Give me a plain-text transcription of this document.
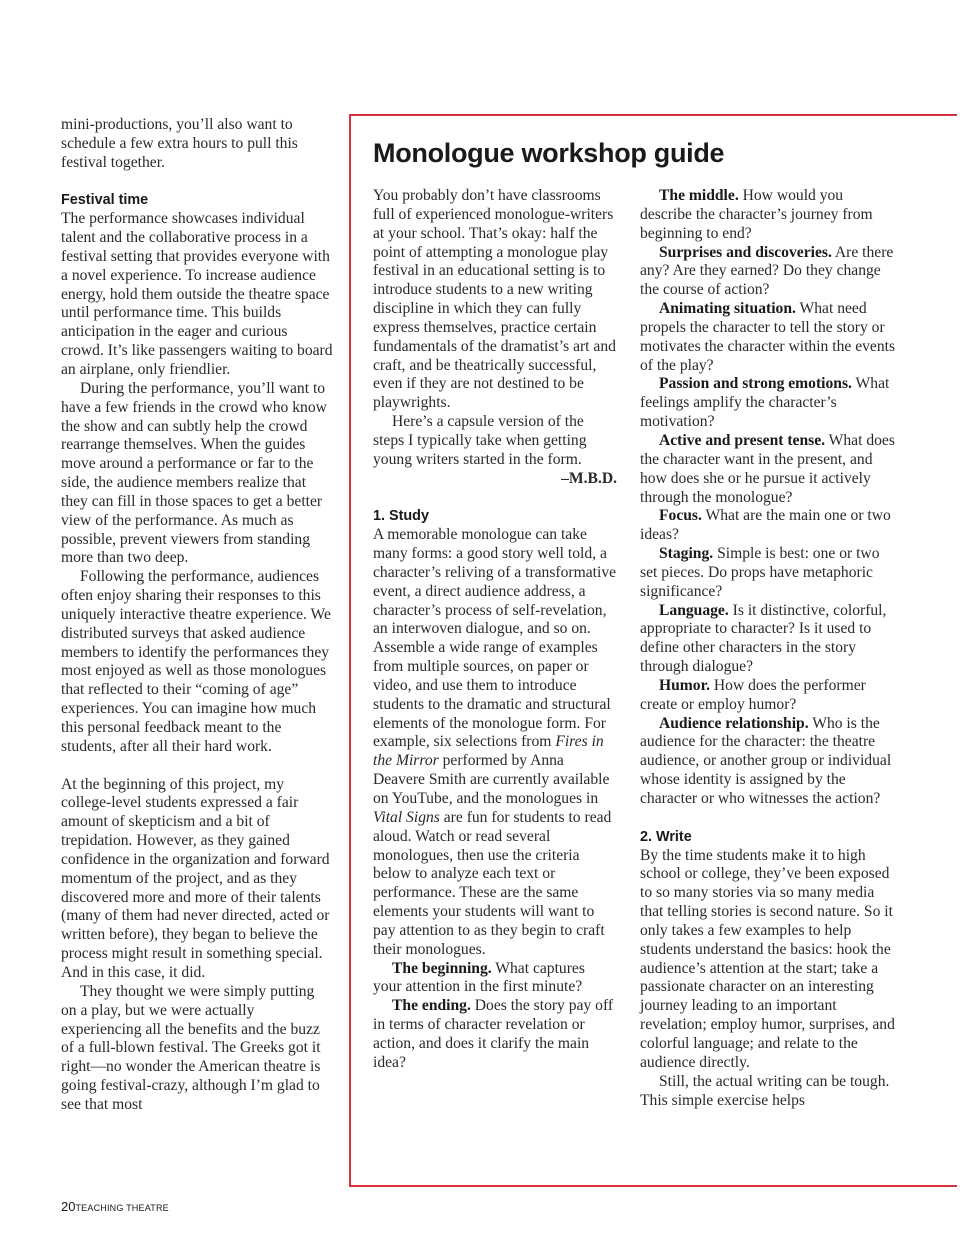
mini-productions, you’ll also want to schedule a few extra hours to pull this festival together.

Festival time

The performance showcases individual talent and the collaborative process in a festival setting that provides everyone with a novel experience. To increase audience energy, hold them outside the theatre space until performance time. This builds anticipation in the eager and curious crowd. It’s like passengers waiting to board an airplane, only friendlier.

During the performance, you’ll want to have a few friends in the crowd who know the show and can subtly help the crowd rearrange themselves. When the guides move around a performance or far to the side, the audience members realize that they can fill in those spaces to get a better view of the performance. As much as possible, prevent viewers from standing more than two deep.

Following the performance, audiences often enjoy sharing their responses to this uniquely interactive theatre experience. We distributed surveys that asked audience members to identify the performances they most enjoyed as well as those monologues that reflected to their “coming of age” experiences. You can imagine how much this personal feedback meant to the students, after all their hard work.

At the beginning of this project, my college-level students expressed a fair amount of skepticism and a bit of trepidation. However, as they gained confidence in the organization and forward momentum of the project, and as they discovered more and more of their talents (many of them had never directed, acted or written before), they began to believe the process might result in something special. And in this case, it did.

They thought we were simply putting on a play, but we were actually experiencing all the benefits and the buzz of a full-blown festival. The Greeks got it right—no wonder the American theatre is going festival-crazy, although I’m glad to see that most

Monologue workshop guide

You probably don’t have classrooms full of experienced monologue-writers at your school. That’s okay: half the point of attempting a monologue play festival in an educational setting is to introduce students to a new writing discipline in which they can fully express themselves, practice certain fundamentals of the dramatist’s art and craft, and be theatrically successful, even if they are not destined to be playwrights.

Here’s a capsule version of the steps I typically take when getting young writers started in the form.

–M.B.D.

1. Study

A memorable monologue can take many forms: a good story well told, a character’s reliving of a transformative event, a direct audience address, a character’s process of self-revelation, an interwoven dialogue, and so on. Assemble a wide range of examples from multiple sources, on paper or video, and use them to introduce students to the dramatic and structural elements of the monologue form. For example, six selections from Fires in the Mirror performed by Anna Deavere Smith are currently available on YouTube, and the monologues in Vital Signs are fun for students to read aloud. Watch or read several monologues, then use the criteria below to analyze each text or performance. These are the same elements your students will want to pay attention to as they begin to craft their monologues.

The beginning. What captures your attention in the first minute?

The ending. Does the story pay off in terms of character revelation or action, and does it clarify the main idea?

The middle. How would you describe the character’s journey from beginning to end?

Surprises and discoveries. Are there any? Are they earned? Do they change the course of action?

Animating situation. What need propels the character to tell the story or motivates the character within the events of the play?

Passion and strong emotions. What feelings amplify the character’s motivation?

Active and present tense. What does the character want in the present, and how does she or he pursue it actively through the monologue?

Focus. What are the main one or two ideas?

Staging. Simple is best: one or two set pieces. Do props have metaphoric significance?

Language. Is it distinctive, colorful, appropriate to character? Is it used to define other characters in the story through dialogue?

Humor. How does the performer create or employ humor?

Audience relationship. Who is the audience for the character: the theatre audience, or another group or individual whose identity is assigned by the character or who witnesses the action?

2. Write

By the time students make it to high school or college, they’ve been exposed to so many stories via so many media that telling stories is second nature. So it only takes a few examples to help students understand the basics: hook the audience’s attention at the start; take a passionate character on an interesting journey leading to an important revelation; employ humor, surprises, and colorful language; and relate to the audience directly.

Still, the actual writing can be tough. This simple exercise helps

20TEACHING THEATRE
